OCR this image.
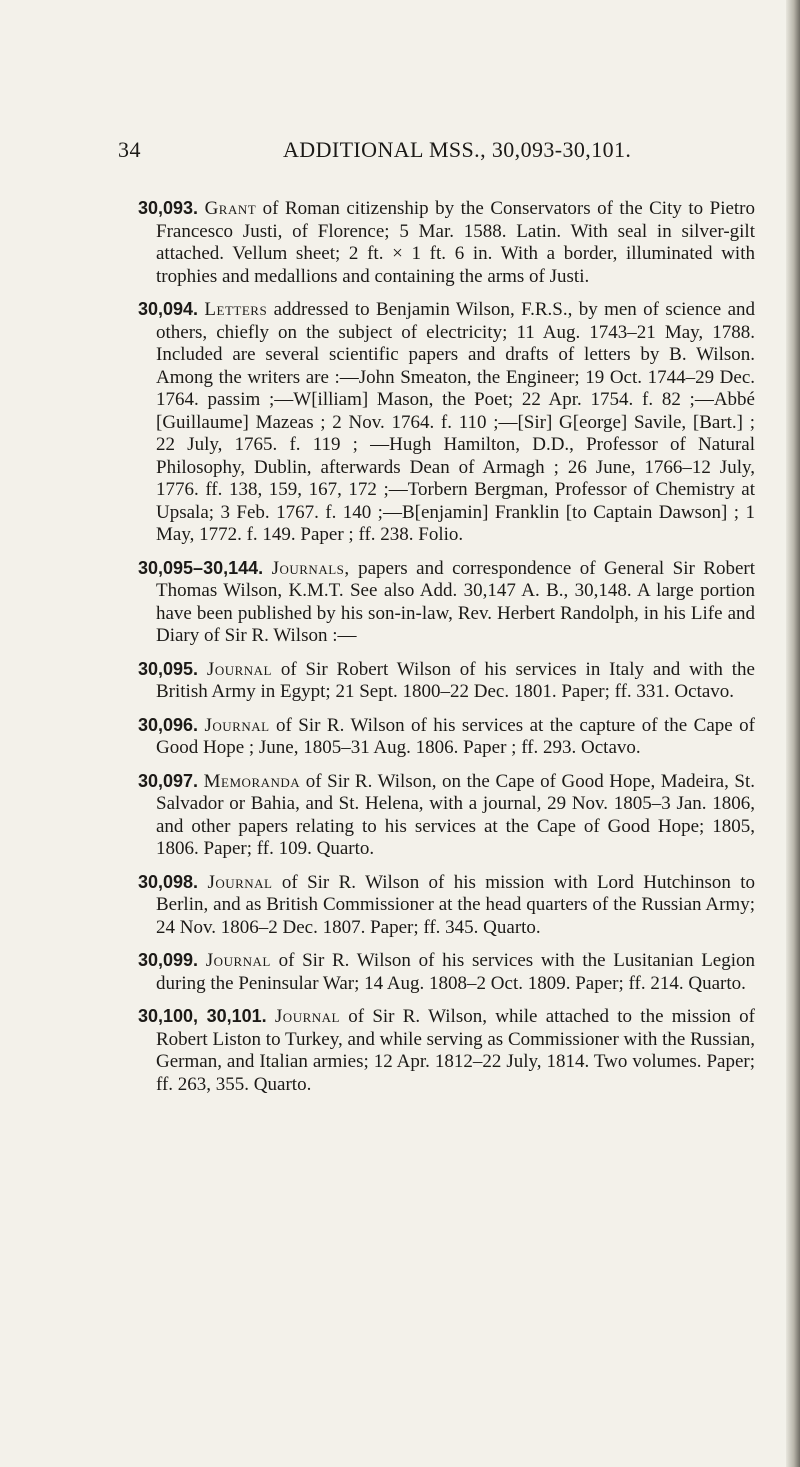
34	ADDITIONAL MSS., 30,093-30,101.

30,093. Grant of Roman citizenship by the Conservators of the City to Pietro Francesco Justi, of Florence; 5 Mar. 1588. Latin. With seal in silver-gilt attached. Vellum sheet; 2 ft. × 1 ft. 6 in. With a border, illuminated with trophies and medallions and containing the arms of Justi.

30,094. Letters addressed to Benjamin Wilson, F.R.S., by men of science and others, chiefly on the subject of electricity; 11 Aug. 1743–21 May, 1788. Included are several scientific papers and drafts of letters by B. Wilson. Among the writers are :—John Smeaton, the Engineer; 19 Oct. 1744–29 Dec. 1764. passim ;—W[illiam] Mason, the Poet; 22 Apr. 1754. f. 82 ;—Abbé [Guillaume] Mazeas ; 2 Nov. 1764. f. 110 ;—[Sir] G[eorge] Savile, [Bart.] ; 22 July, 1765. f. 119 ; —Hugh Hamilton, D.D., Professor of Natural Philosophy, Dublin, afterwards Dean of Armagh ; 26 June, 1766–12 July, 1776. ff. 138, 159, 167, 172 ;—Torbern Bergman, Professor of Chemistry at Upsala; 3 Feb. 1767. f. 140 ;—B[enjamin] Franklin [to Captain Dawson] ; 1 May, 1772. f. 149. Paper ; ff. 238. Folio.

30,095–30,144. Journals, papers and correspondence of General Sir Robert Thomas Wilson, K.M.T. See also Add. 30,147 A. B., 30,148. A large portion have been published by his son-in-law, Rev. Herbert Randolph, in his Life and Diary of Sir R. Wilson :—

30,095. Journal of Sir Robert Wilson of his services in Italy and with the British Army in Egypt; 21 Sept. 1800–22 Dec. 1801. Paper; ff. 331. Octavo.

30,096. Journal of Sir R. Wilson of his services at the capture of the Cape of Good Hope ; June, 1805–31 Aug. 1806. Paper ; ff. 293. Octavo.

30,097. Memoranda of Sir R. Wilson, on the Cape of Good Hope, Madeira, St. Salvador or Bahia, and St. Helena, with a journal, 29 Nov. 1805–3 Jan. 1806, and other papers relating to his services at the Cape of Good Hope; 1805, 1806. Paper; ff. 109. Quarto.

30,098. Journal of Sir R. Wilson of his mission with Lord Hutchinson to Berlin, and as British Commissioner at the head quarters of the Russian Army; 24 Nov. 1806–2 Dec. 1807. Paper; ff. 345. Quarto.

30,099. Journal of Sir R. Wilson of his services with the Lusitanian Legion during the Peninsular War; 14 Aug. 1808–2 Oct. 1809. Paper; ff. 214. Quarto.

30,100, 30,101. Journal of Sir R. Wilson, while attached to the mission of Robert Liston to Turkey, and while serving as Commissioner with the Russian, German, and Italian armies; 12 Apr. 1812–22 July, 1814. Two volumes. Paper; ff. 263, 355. Quarto.
